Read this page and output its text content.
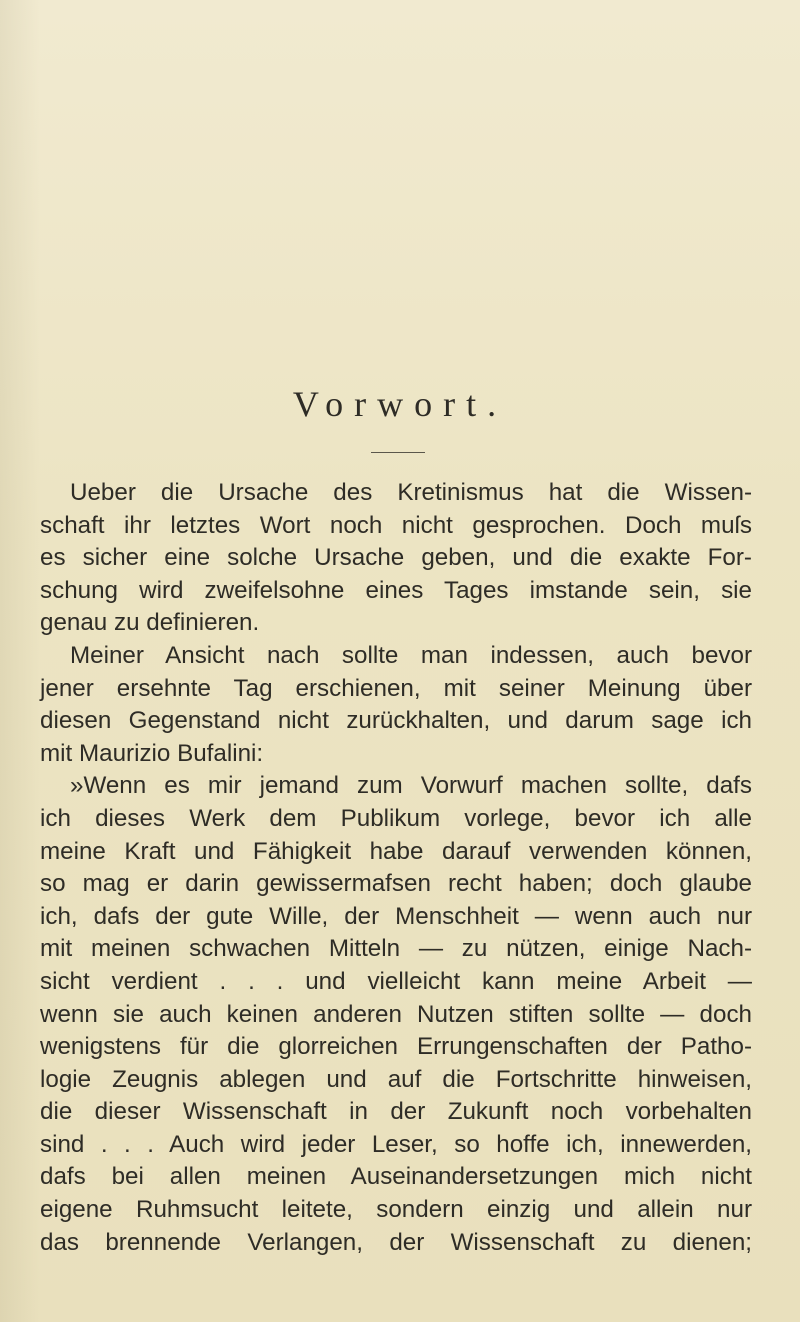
Vorwort.
Ueber die Ursache des Kretinismus hat die Wissen-
schaft ihr letztes Wort noch nicht gesprochen. Doch muſs
es sicher eine solche Ursache geben, und die exakte For-
schung wird zweifelsohne eines Tages imstande sein, sie
genau zu definieren.
Meiner Ansicht nach sollte man indessen, auch bevor
jener ersehnte Tag erschienen, mit seiner Meinung über
diesen Gegenstand nicht zurückhalten, und darum sage ich
mit Maurizio Bufalini:
»Wenn es mir jemand zum Vorwurf machen sollte, dafs
ich dieses Werk dem Publikum vorlege, bevor ich alle
meine Kraft und Fähigkeit habe darauf verwenden können,
so mag er darin gewissermafsen recht haben; doch glaube
ich, dafs der gute Wille, der Menschheit — wenn auch nur
mit meinen schwachen Mitteln — zu nützen, einige Nach-
sicht verdient . . . und vielleicht kann meine Arbeit —
wenn sie auch keinen anderen Nutzen stiften sollte — doch
wenigstens für die glorreichen Errungenschaften der Patho-
logie Zeugnis ablegen und auf die Fortschritte hinweisen,
die dieser Wissenschaft in der Zukunft noch vorbehalten
sind . . . Auch wird jeder Leser, so hoffe ich, innewerden,
dafs bei allen meinen Auseinandersetzungen mich nicht
eigene Ruhmsucht leitete, sondern einzig und allein nur
das brennende Verlangen, der Wissenschaft zu dienen;
